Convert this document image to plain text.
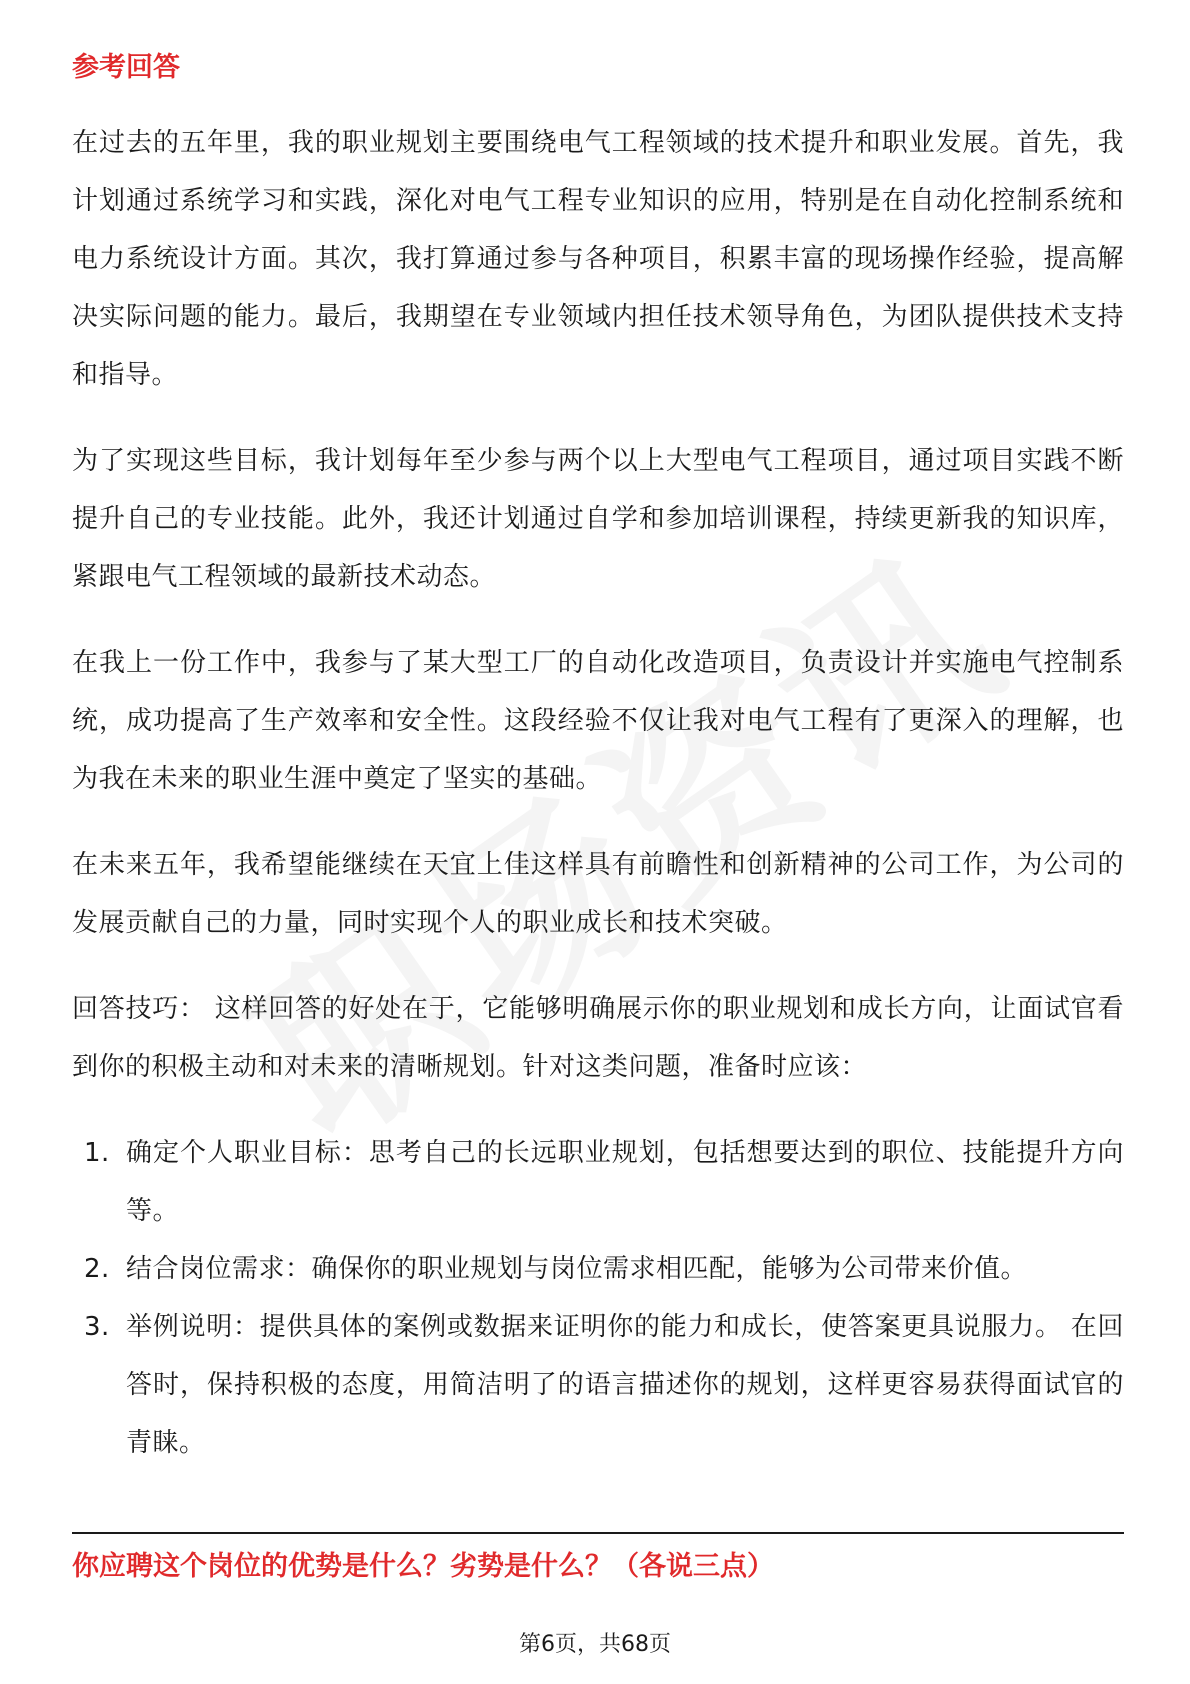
参考回答

在过去的五年里，我的职业规划主要围绕电气工程领域的技术提升和职业发展。首先，我计划通过系统学习和实践，深化对电气工程专业知识的应用，特别是在自动化控制系统和电力系统设计方面。其次，我打算通过参与各种项目，积累丰富的现场操作经验，提高解决实际问题的能力。最后，我期望在专业领域内担任技术领导角色，为团队提供技术支持和指导。

为了实现这些目标，我计划每年至少参与两个以上大型电气工程项目，通过项目实践不断提升自己的专业技能。此外，我还计划通过自学和参加培训课程，持续更新我的知识库，紧跟电气工程领域的最新技术动态。

在我上一份工作中，我参与了某大型工厂的自动化改造项目，负责设计并实施电气控制系统，成功提高了生产效率和安全性。这段经验不仅让我对电气工程有了更深入的理解，也为我在未来的职业生涯中奠定了坚实的基础。

在未来五年，我希望能继续在天宜上佳这样具有前瞻性和创新精神的公司工作，为公司的发展贡献自己的力量，同时实现个人的职业成长和技术突破。

回答技巧： 这样回答的好处在于，它能够明确展示你的职业规划和成长方向，让面试官看到你的积极主动和对未来的清晰规划。针对这类问题，准备时应该：

1. 确定个人职业目标：思考自己的长远职业规划，包括想要达到的职位、技能提升方向等。
2. 结合岗位需求：确保你的职业规划与岗位需求相匹配，能够为公司带来价值。
3. 举例说明：提供具体的案例或数据来证明你的能力和成长，使答案更具说服力。 在回答时，保持积极的态度，用简洁明了的语言描述你的规划，这样更容易获得面试官的青睐。
你应聘这个岗位的优势是什么？劣势是什么？（各说三点）
第6页，共68页
